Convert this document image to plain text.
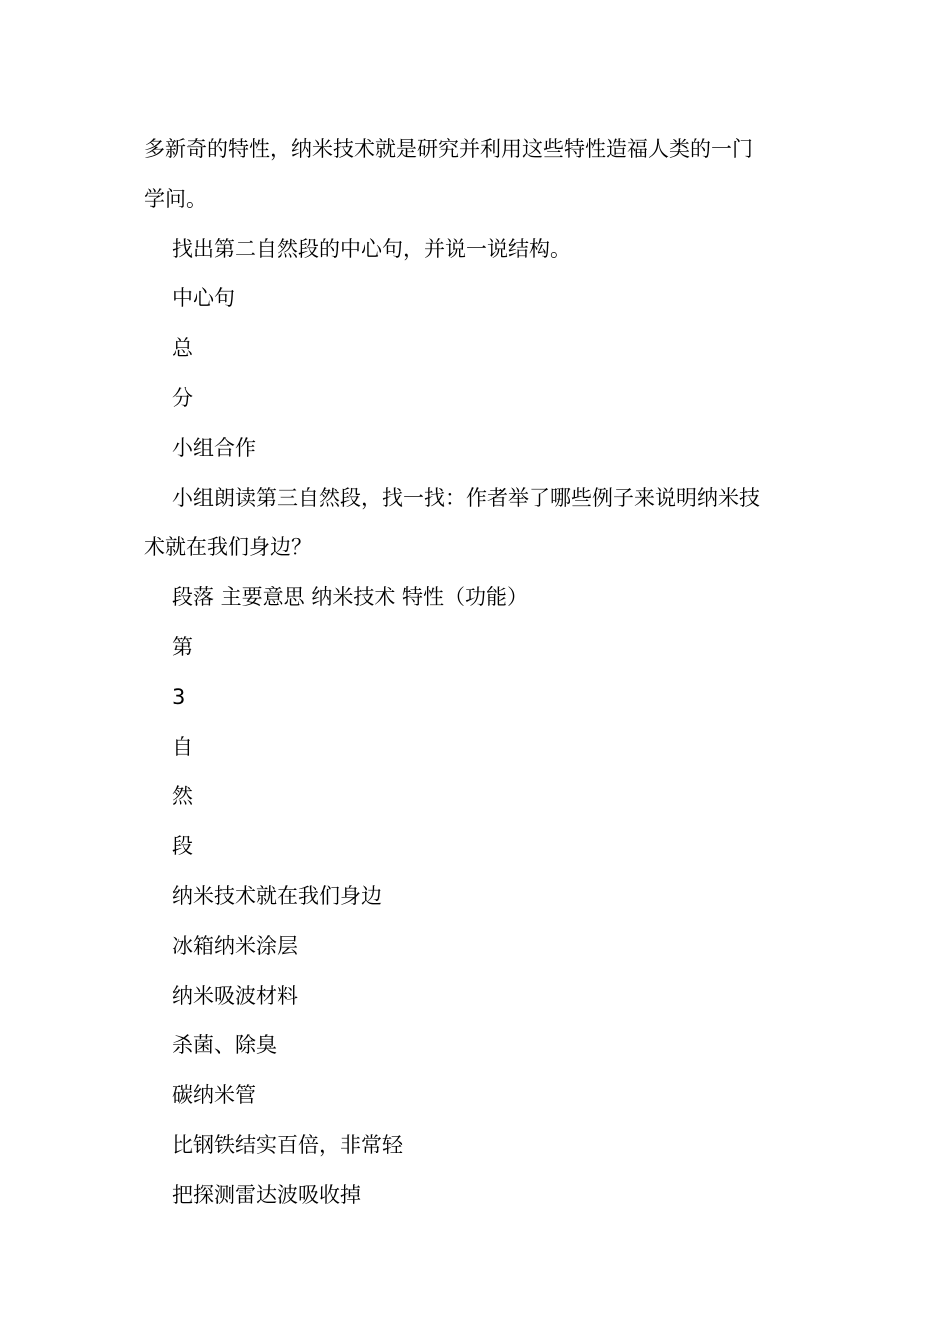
多新奇的特性，纳米技术就是研究并利用这些特性造福人类的一门
学问。

找出第二自然段的中心句，并说一说结构。

中心句

总

分

小组合作

小组朗读第三自然段，找一找：作者举了哪些例子来说明纳米技

术就在我们身边？

段落 主要意思 纳米技术 特性（功能）

第

3

自

然

段

纳米技术就在我们身边

冰箱纳米涂层

纳米吸波材料

杀菌、除臭

碳纳米管

比钢铁结实百倍，非常轻

把探测雷达波吸收掉
